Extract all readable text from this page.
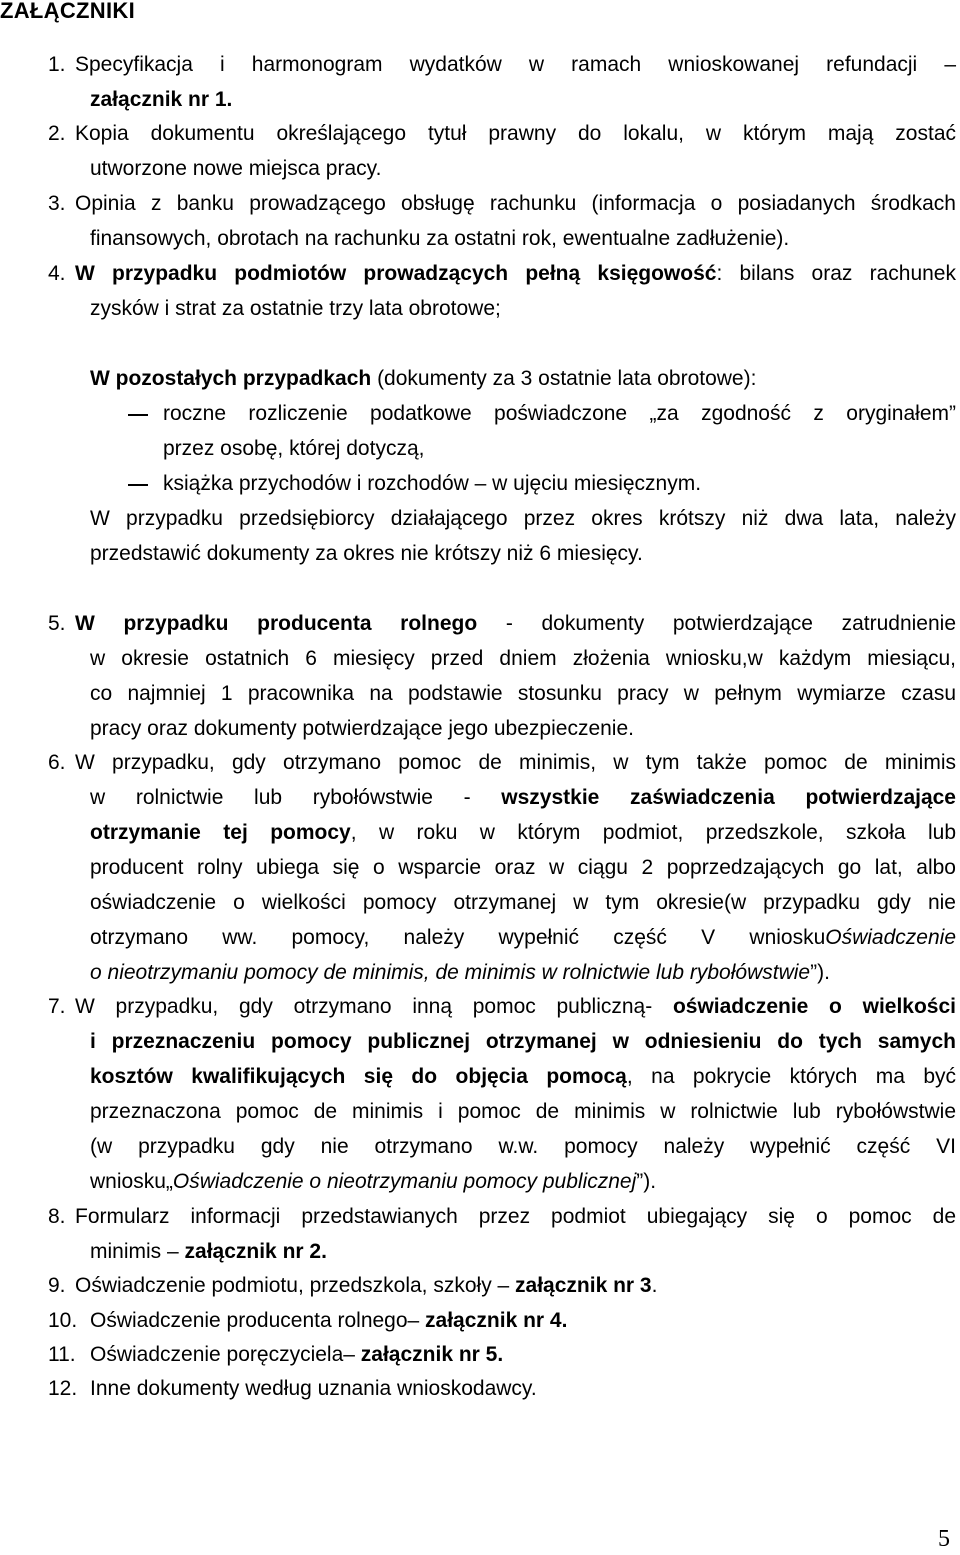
ZAŁĄCZNIKI
1. Specyfikacja i harmonogram wydatków w ramach wnioskowanej refundacji –
załącznik nr 1.
2. Kopia dokumentu określającego tytuł prawny do lokalu, w którym mają zostać
utworzone nowe miejsca pracy.
3. Opinia z banku prowadzącego obsługę rachunku (informacja o posiadanych środkach
finansowych, obrotach na rachunku za ostatni rok, ewentualne zadłużenie).
4. W przypadku podmiotów prowadzących pełną księgowość: bilans oraz rachunek
zysków i strat za ostatnie trzy lata obrotowe;
W pozostałych przypadkach (dokumenty za 3 ostatnie lata obrotowe):
roczne rozliczenie podatkowe poświadczone „za zgodność z oryginałem”
przez osobę, której dotyczą,
książka przychodów i rozchodów – w ujęciu miesięcznym.
W przypadku przedsiębiorcy działającego przez okres krótszy niż dwa lata, należy
przedstawić dokumenty za okres nie krótszy niż 6 miesięcy.
5. W przypadku producenta rolnego - dokumenty potwierdzające zatrudnienie
w okresie ostatnich 6 miesięcy przed dniem złożenia wniosku,w każdym miesiącu,
co najmniej 1 pracownika na podstawie stosunku pracy w pełnym wymiarze czasu
pracy oraz dokumenty potwierdzające jego ubezpieczenie.
6. W przypadku, gdy otrzymano pomoc de minimis, w tym także pomoc de minimis
w rolnictwie lub rybołówstwie - wszystkie zaświadczenia potwierdzające
otrzymanie tej pomocy, w roku w którym podmiot, przedszkole, szkoła lub
producent rolny ubiega się o wsparcie oraz w ciągu 2 poprzedzających go lat, albo
oświadczenie o wielkości pomocy otrzymanej w tym okresie(w przypadku gdy nie
otrzymano ww. pomocy, należy wypełnić część V wnioskuOświadczenie
o nieotrzymaniu pomocy de minimis, de minimis w rolnictwie lub rybołówstwie”).
7. W przypadku, gdy otrzymano inną pomoc publiczną- oświadczenie o wielkości
i przeznaczeniu pomocy publicznej otrzymanej w odniesieniu do tych samych
kosztów kwalifikujących się do objęcia pomocą, na pokrycie których ma być
przeznaczona pomoc de minimis i pomoc de minimis w rolnictwie lub rybołówstwie
(w przypadku gdy nie otrzymano w.w. pomocy należy wypełnić część VI
wniosku„Oświadczenie o nieotrzymaniu pomocy publicznej”).
8. Formularz informacji przedstawianych przez podmiot ubiegający się o pomoc de
minimis – załącznik nr 2.
9. Oświadczenie podmiotu, przedszkola, szkoły – załącznik nr 3.
10. Oświadczenie producenta rolnego– załącznik nr 4.
11. Oświadczenie poręczyciela– załącznik nr 5.
12. Inne dokumenty według uznania wnioskodawcy.
5
